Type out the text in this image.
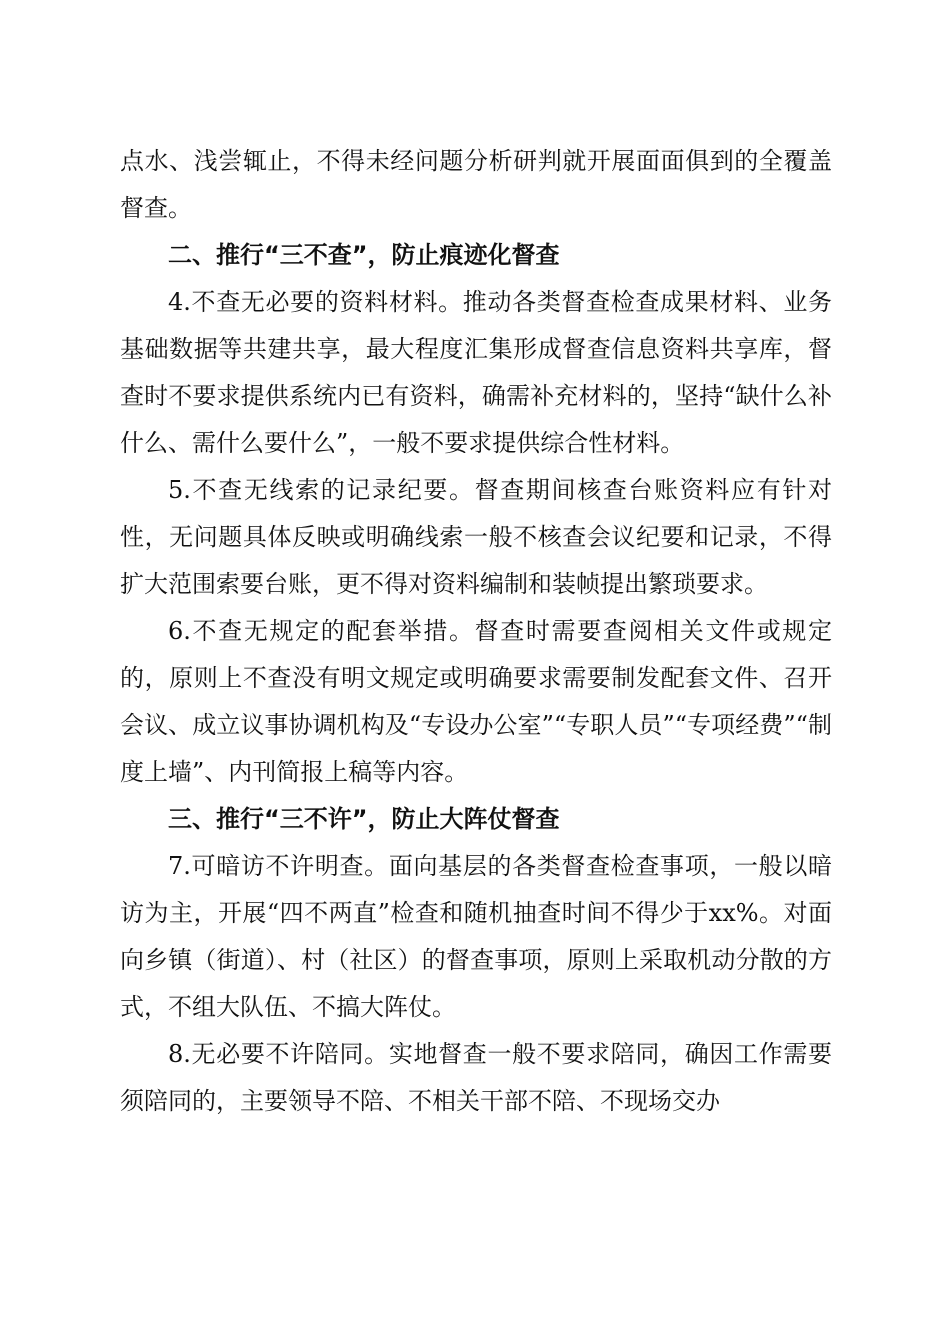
点水、浅尝辄止，不得未经问题分析研判就开展面面俱到的全覆盖督查。

二、推行“三不查”，防止痕迹化督查

4.不查无必要的资料材料。推动各类督查检查成果材料、业务基础数据等共建共享，最大程度汇集形成督查信息资料共享库，督查时不要求提供系统内已有资料，确需补充材料的，坚持“缺什么补什么、需什么要什么”，一般不要求提供综合性材料。

5.不查无线索的记录纪要。督查期间核查台账资料应有针对性，无问题具体反映或明确线索一般不核查会议纪要和记录，不得扩大范围索要台账，更不得对资料编制和装帧提出繁琐要求。

6.不查无规定的配套举措。督查时需要查阅相关文件或规定的，原则上不查没有明文规定或明确要求需要制发配套文件、召开会议、成立议事协调机构及“专设办公室”“专职人员”“专项经费”“制度上墙”、内刊简报上稿等内容。

三、推行“三不许”，防止大阵仗督查

7.可暗访不许明查。面向基层的各类督查检查事项，一般以暗访为主，开展“四不两直”检查和随机抽查时间不得少于xx%。对面向乡镇（街道）、村（社区）的督查事项，原则上采取机动分散的方式，不组大队伍、不搞大阵仗。

8.无必要不许陪同。实地督查一般不要求陪同，确因工作需要须陪同的，主要领导不陪、不相关干部不陪、不现场交办
